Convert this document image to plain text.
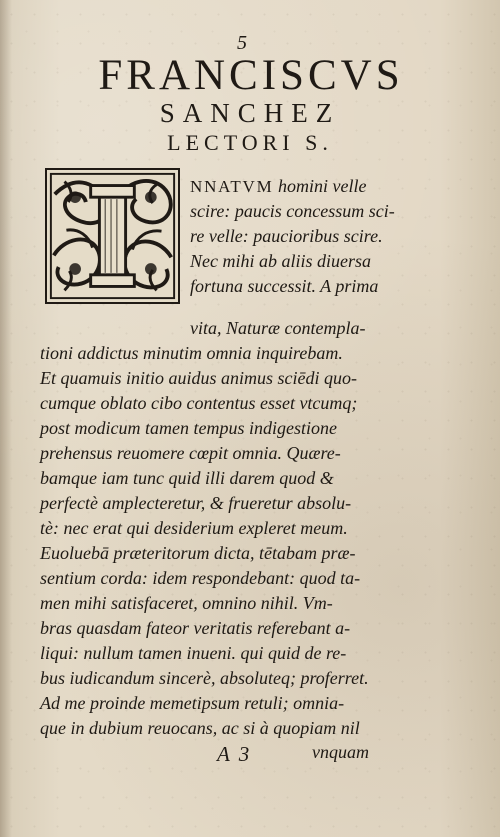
5
FRANCISCVS
SANCHEZ
LECTORI S.
NNATVM homini velle
scire: paucis concessum sci-
re velle: paucioribus scire.
Nec mihi ab aliis diuersa
fortuna successit. A prima
vita, Naturæ contempla-
tioni addictus minutim omnia inquirebam.
Et quamuis initio auidus animus sciēdi quo-
cumque oblato cibo contentus esset vtcumq;
post modicum tamen tempus indigestione
prehensus reuomere cœpit omnia. Quære-
bamque iam tunc quid illi darem quod &
perfectè amplecteretur, & frueretur absolu-
tè: nec erat qui desiderium expleret meum.
Euoluebā præteritorum dicta, tētabam præ-
sentium corda: idem respondebant: quod ta-
men mihi satisfaceret, omnino nihil. Vm-
bras quasdam fateor veritatis referebant a-
liqui: nullum tamen inueni. qui quid de re-
bus iudicandum sincerè, absoluteq; proferret.
Ad me proinde memetipsum retuli; omnia-
que in dubium reuocans, ac si à quopiam nil
A 3	vnquam
